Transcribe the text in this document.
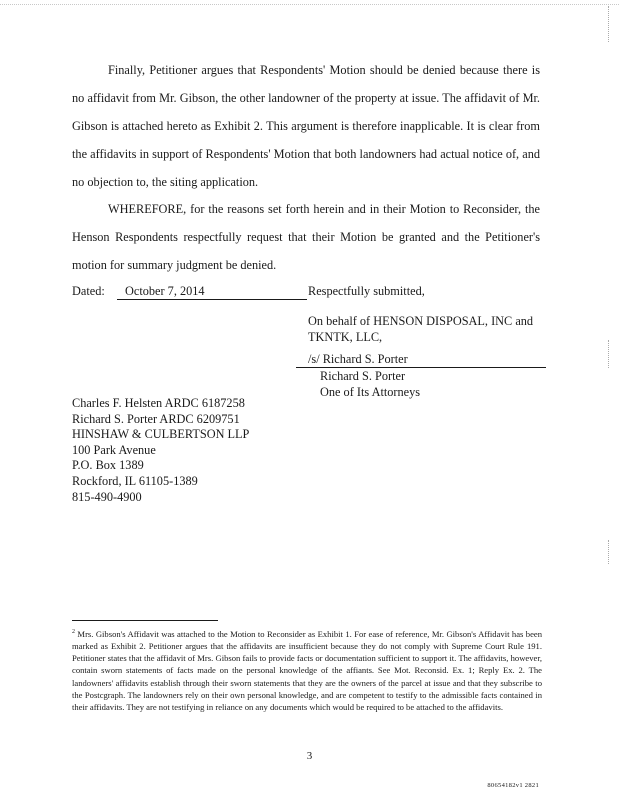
Finally, Petitioner argues that Respondents' Motion should be denied because there is no affidavit from Mr. Gibson, the other landowner of the property at issue. The affidavit of Mr. Gibson is attached hereto as Exhibit 2. This argument is therefore inapplicable. It is clear from the affidavits in support of Respondents' Motion that both landowners had actual notice of, and no objection to, the siting application.

WHEREFORE, for the reasons set forth herein and in their Motion to Reconsider, the Henson Respondents respectfully request that their Motion be granted and the Petitioner's motion for summary judgment be denied.

Dated: October 7, 2014	Respectfully submitted,
On behalf of HENSON DISPOSAL, INC and
TKNTK, LLC,
/s/ Richard S. Porter
Richard S. Porter
One of Its Attorneys
Charles F. Helsten ARDC 6187258
Richard S. Porter ARDC 6209751
HINSHAW & CULBERTSON LLP
100 Park Avenue
P.O. Box 1389
Rockford, IL 61105-1389
815-490-4900
$^2$ Mrs. Gibson's Affidavit was attached to the Motion to Reconsider as Exhibit 1. For ease of reference, Mr. Gibson's Affidavit has been marked as Exhibit 2. Petitioner argues that the affidavits are insufficient because they do not comply with Supreme Court Rule 191. Petitioner states that the affidavit of Mrs. Gibson fails to provide facts or documentation sufficient to support it. The affidavits, however, contain sworn statements of facts made on the personal knowledge of the affiants. See Mot. Reconsid. Ex. 1; Reply Ex. 2. The landowners' affidavits establish through their sworn statements that they are the owners of the parcel at issue and that they subscribe to the Postcgraph. The landowners rely on their own personal knowledge, and are competent to testify to the admissible facts contained in their affidavits. They are not testifying in reliance on any documents which would be required to be attached to the affidavits.
3
80654182v1 2821
